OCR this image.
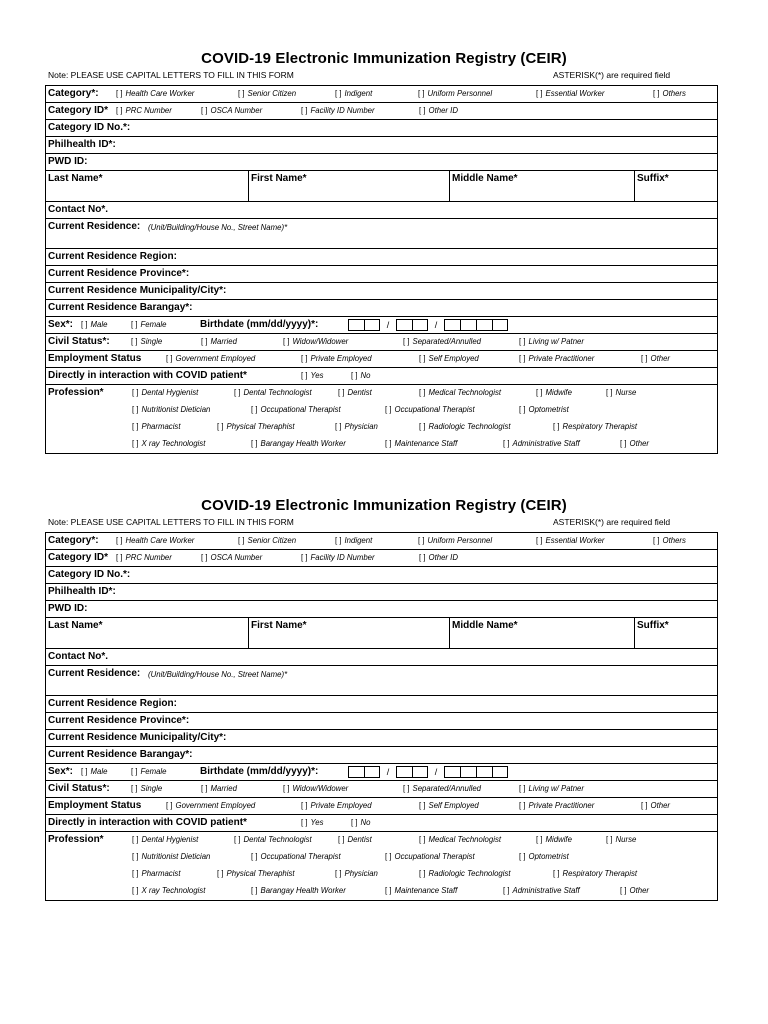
COVID-19 Electronic Immunization Registry (CEIR)
Note: PLEASE USE CAPITAL LETTERS TO FILL IN THIS FORM	ASTERISK(*) are required field
Category*: [ ] Health Care Worker	[ ] Senior Citizen	[ ] Indigent	[ ] Uniform Personnel	[ ] Essential Worker	[ ] Others
Category ID* [ ] PRC Number	[ ] OSCA Number	[ ] Facility ID Number	[ ] Other ID
Category ID No.*:
Philhealth ID*:
PWD ID:
Last Name*	First Name*	Middle Name*	Suffix*
Contact No*.
Current Residence: (Unit/Building/House No., Street Name)*
Current Residence Region:
Current Residence Province*:
Current Residence Municipality/City*:
Current Residence Barangay*:
Sex*: [ ] Male	[ ] Female	Birthdate (mm/dd/yyyy)*:	/	/
Civil Status*:	[ ] Single	[ ] Married	[ ] Widow/Widower	[ ] Separated/Annulled	[ ] Living w/ Patner
Employment Status	[ ] Government Employed	[ ] Private Employed	[ ] Self Employed	[ ] Private Practitioner	[ ] Other
Directly in interaction with COVID patient*	[ ] Yes	[ ] No
Profession*	[ ] Dental Hygienist	[ ] Dental Technologist	[ ] Dentist	[ ] Medical Technologist	[ ] Midwife	[ ] Nurse
[ ] Nutritionist Dietician	[ ] Occupational Therapist	[ ] Occupational Therapist	[ ] Optometrist
[ ] Pharmacist	[ ] Physical Theraphist	[ ] Physician	[ ] Radiologic Technologist	[ ] Respiratory Therapist
[ ] X ray Technologist	[ ] Barangay Health Worker	[ ] Maintenance Staff	[ ] Administrative Staff	[ ] Other
COVID-19 Electronic Immunization Registry (CEIR)
Note: PLEASE USE CAPITAL LETTERS TO FILL IN THIS FORM	ASTERISK(*) are required field
Category*: [ ] Health Care Worker	[ ] Senior Citizen	[ ] Indigent	[ ] Uniform Personnel	[ ] Essential Worker	[ ] Others
Category ID* [ ] PRC Number	[ ] OSCA Number	[ ] Facility ID Number	[ ] Other ID
Category ID No.*:
Philhealth ID*:
PWD ID:
Last Name*	First Name*	Middle Name*	Suffix*
Contact No*.
Current Residence: (Unit/Building/House No., Street Name)*
Current Residence Region:
Current Residence Province*:
Current Residence Municipality/City*:
Current Residence Barangay*:
Sex*: [ ] Male	[ ] Female	Birthdate (mm/dd/yyyy)*:	/	/
Civil Status*:	[ ] Single	[ ] Married	[ ] Widow/Widower	[ ] Separated/Annulled	[ ] Living w/ Patner
Employment Status	[ ] Government Employed	[ ] Private Employed	[ ] Self Employed	[ ] Private Practitioner	[ ] Other
Directly in interaction with COVID patient*	[ ] Yes	[ ] No
Profession*	[ ] Dental Hygienist	[ ] Dental Technologist	[ ] Dentist	[ ] Medical Technologist	[ ] Midwife	[ ] Nurse
[ ] Nutritionist Dietician	[ ] Occupational Therapist	[ ] Occupational Therapist	[ ] Optometrist
[ ] Pharmacist	[ ] Physical Theraphist	[ ] Physician	[ ] Radiologic Technologist	[ ] Respiratory Therapist
[ ] X ray Technologist	[ ] Barangay Health Worker	[ ] Maintenance Staff	[ ] Administrative Staff	[ ] Other
